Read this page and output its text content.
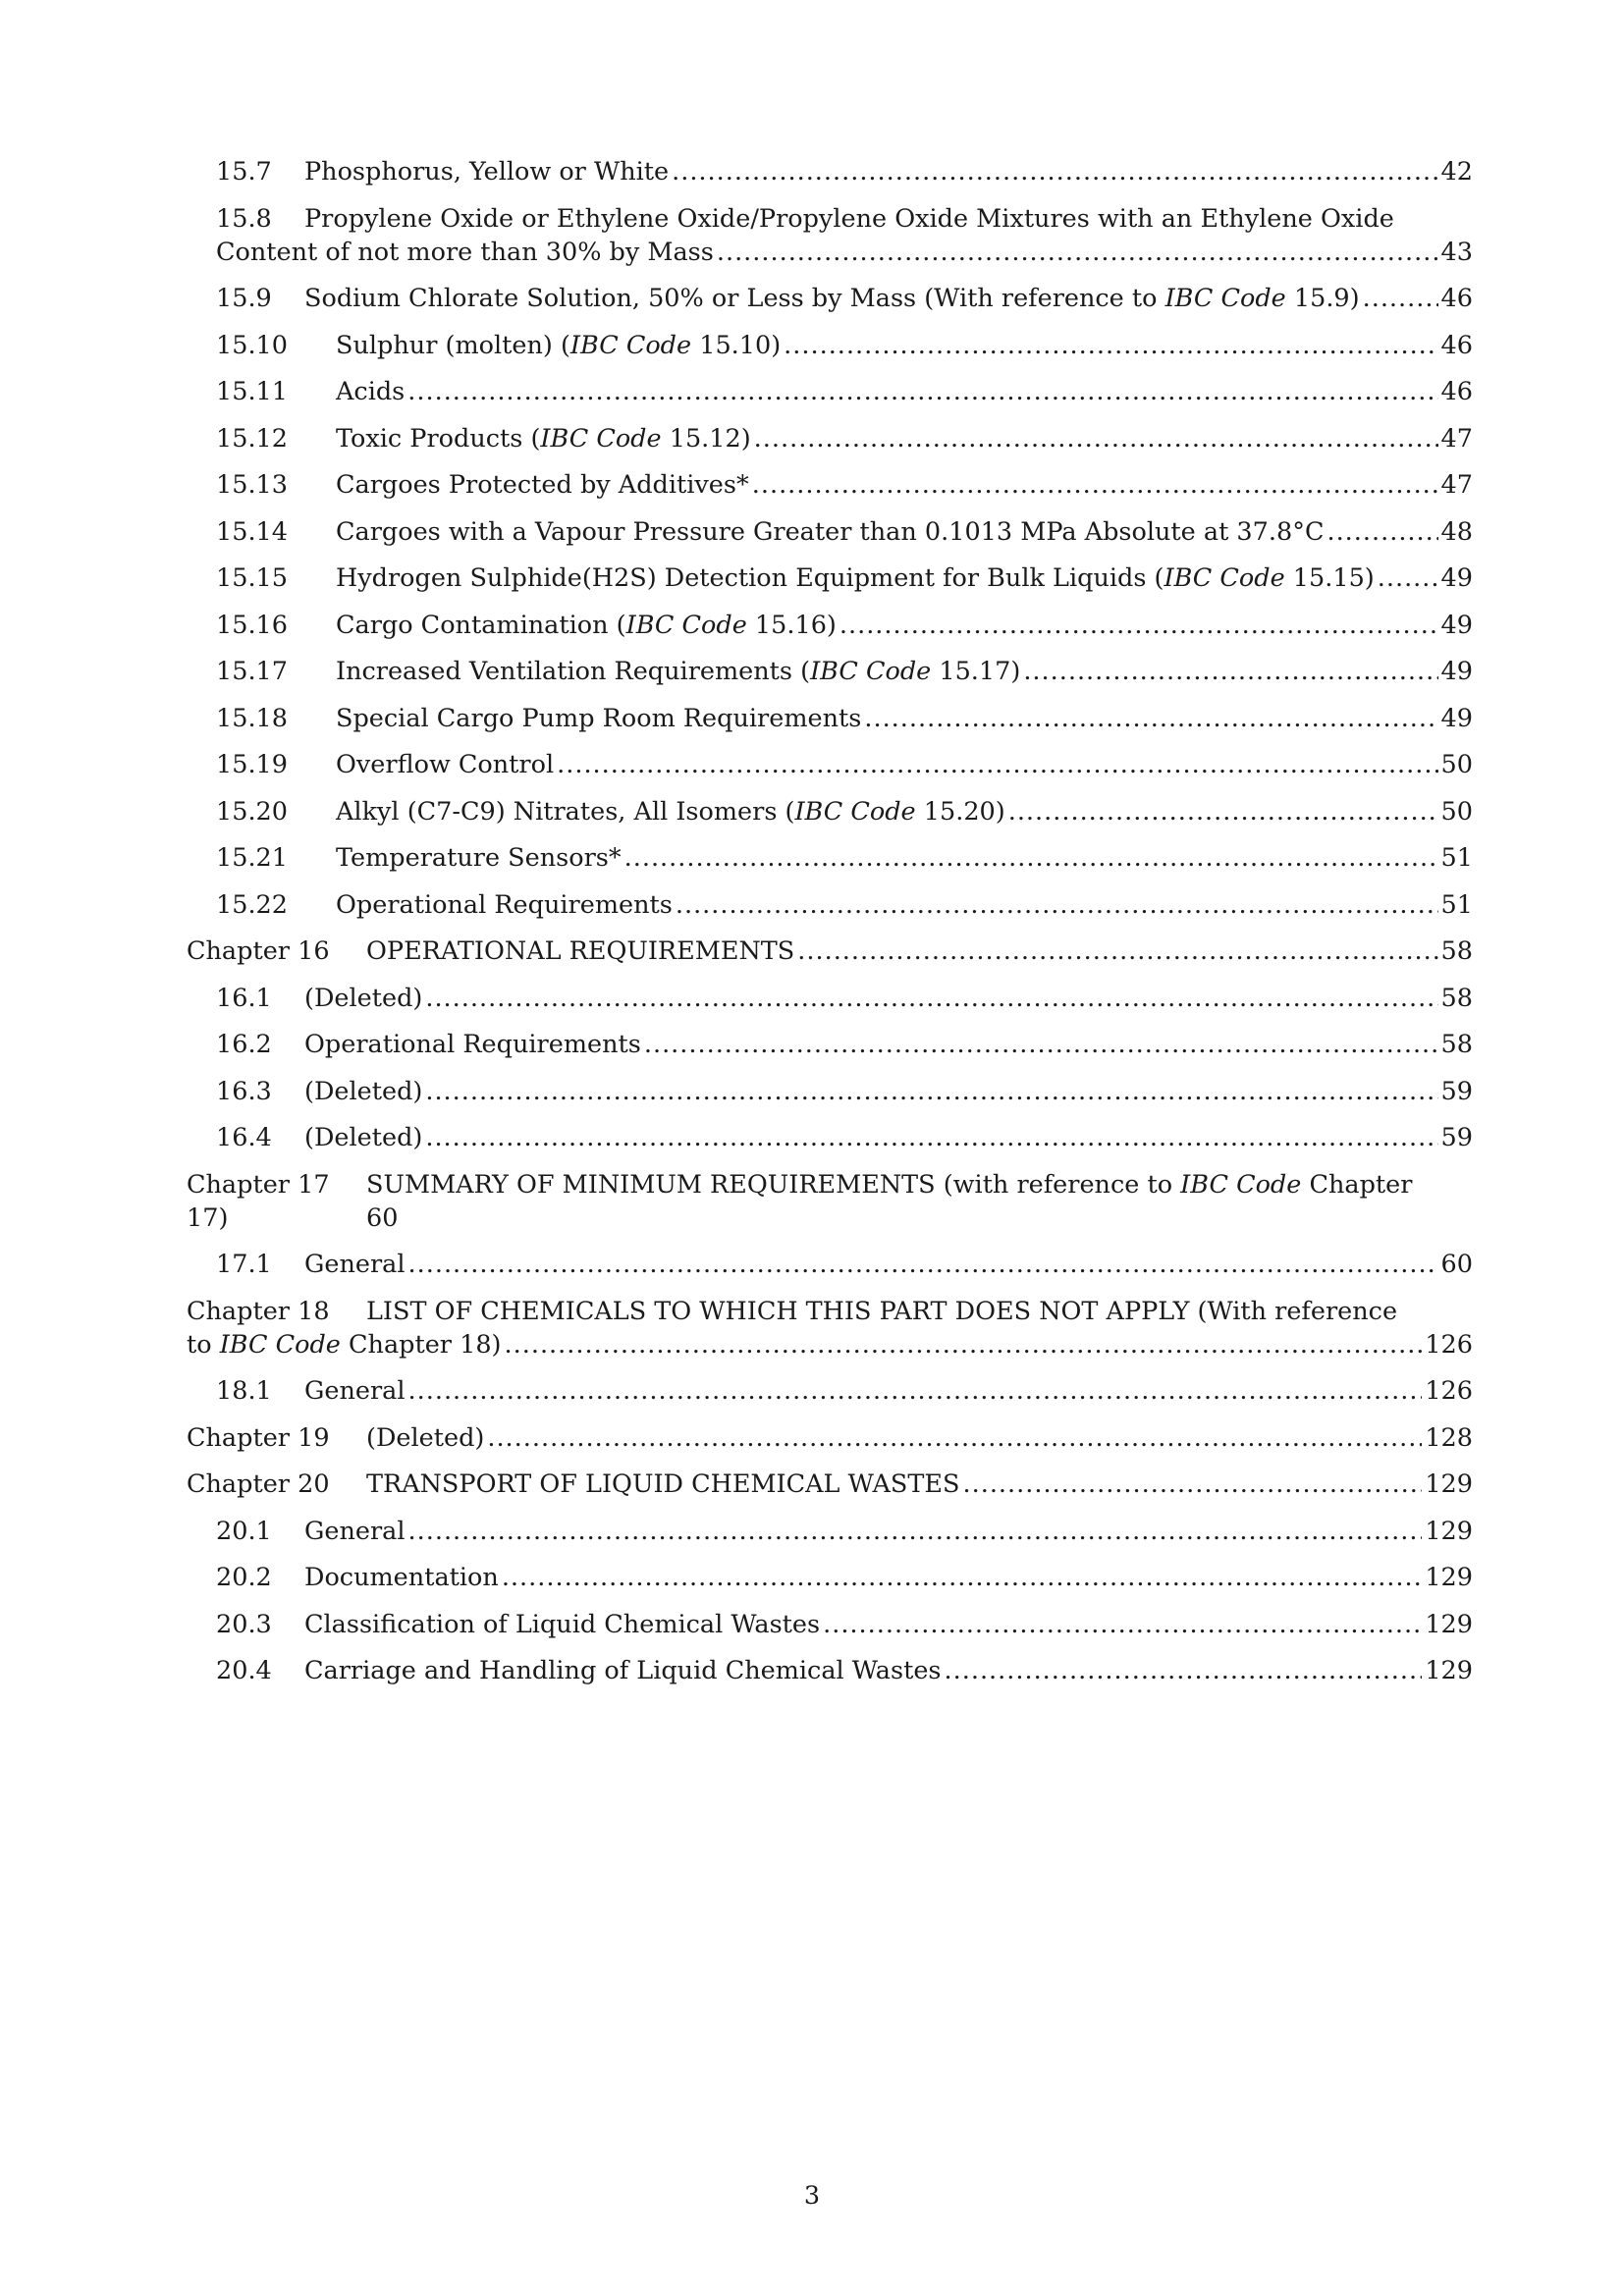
15.7	Phosphorus, Yellow or White .....	42
15.8	Propylene Oxide or Ethylene Oxide/Propylene Oxide Mixtures with an Ethylene Oxide
Content of not more than 30% by Mass .....	43
15.9	Sodium Chlorate Solution, 50% or Less by Mass (With reference to IBC Code 15.9) .....	46
15.10	Sulphur (molten) (IBC Code 15.10) .....	46
15.11	Acids .....	46
15.12	Toxic Products (IBC Code 15.12) .....	47
15.13	Cargoes Protected by Additives* .....	47
15.14	Cargoes with a Vapour Pressure Greater than 0.1013 MPa Absolute at 37.8°C .....	48
15.15	Hydrogen Sulphide(H2S) Detection Equipment for Bulk Liquids (IBC Code 15.15) .....	49
15.16	Cargo Contamination (IBC Code 15.16) .....	49
15.17	Increased Ventilation Requirements (IBC Code 15.17) .....	49
15.18	Special Cargo Pump Room Requirements .....	49
15.19	Overflow Control .....	50
15.20	Alkyl (C7-C9) Nitrates, All Isomers (IBC Code 15.20) .....	50
15.21	Temperature Sensors* .....	51
15.22	Operational Requirements .....	51
Chapter 16	OPERATIONAL REQUIREMENTS .....	58
16.1	(Deleted) .....	58
16.2	Operational Requirements .....	58
16.3	(Deleted) .....	59
16.4	(Deleted) .....	59
Chapter 17	SUMMARY OF MINIMUM REQUIREMENTS (with reference to IBC Code Chapter
17)	60
17.1	General .....	60
Chapter 18	LIST OF CHEMICALS TO WHICH THIS PART DOES NOT APPLY (With reference
to IBC Code Chapter 18) .....	126
18.1	General .....	126
Chapter 19	(Deleted) .....	128
Chapter 20	TRANSPORT OF LIQUID CHEMICAL WASTES .....	129
20.1	General .....	129
20.2	Documentation .....	129
20.3	Classification of Liquid Chemical Wastes .....	129
20.4	Carriage and Handling of Liquid Chemical Wastes .....	129
3
